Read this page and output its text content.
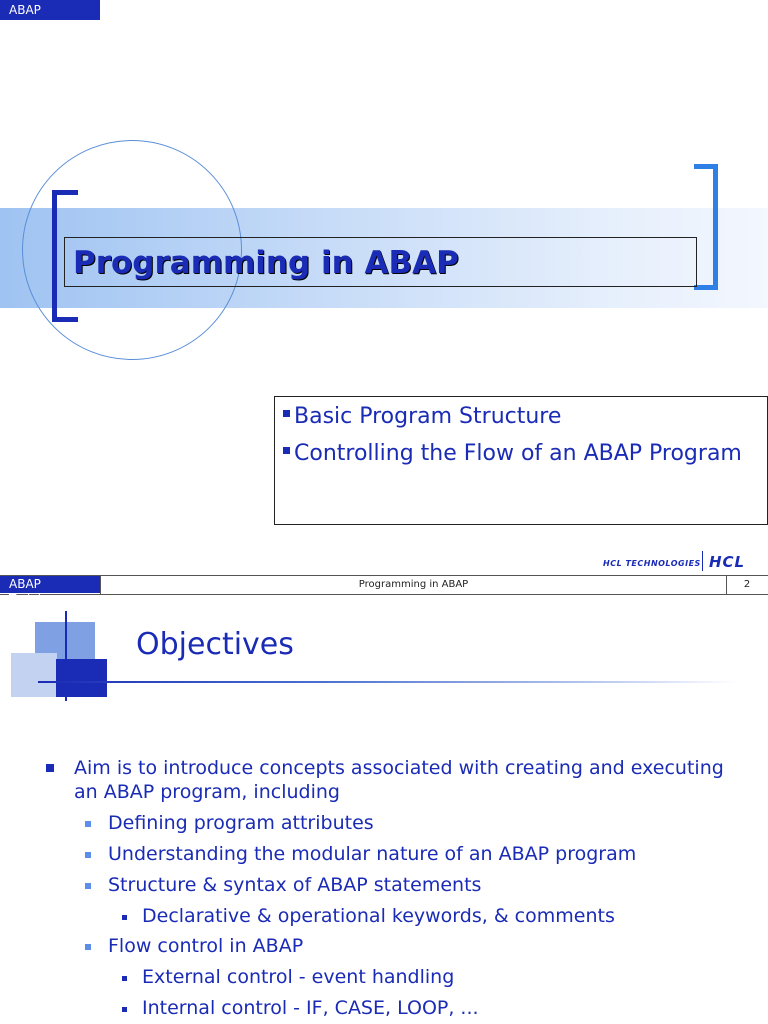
ABAP Training
Programming in ABAP
Basic Program Structure
Controlling the Flow of an ABAP Program
HCL TECHNOLOGIES HCL
ABAP Training
Programming in ABAP	2
Objectives
Aim is to introduce concepts associated with creating and executing
an ABAP program, including
Defining program attributes
Understanding the modular nature of an ABAP program
Structure & syntax of ABAP statements
Declarative & operational keywords, & comments
Flow control in ABAP
External control - event handling
Internal control - IF, CASE, LOOP, ...
